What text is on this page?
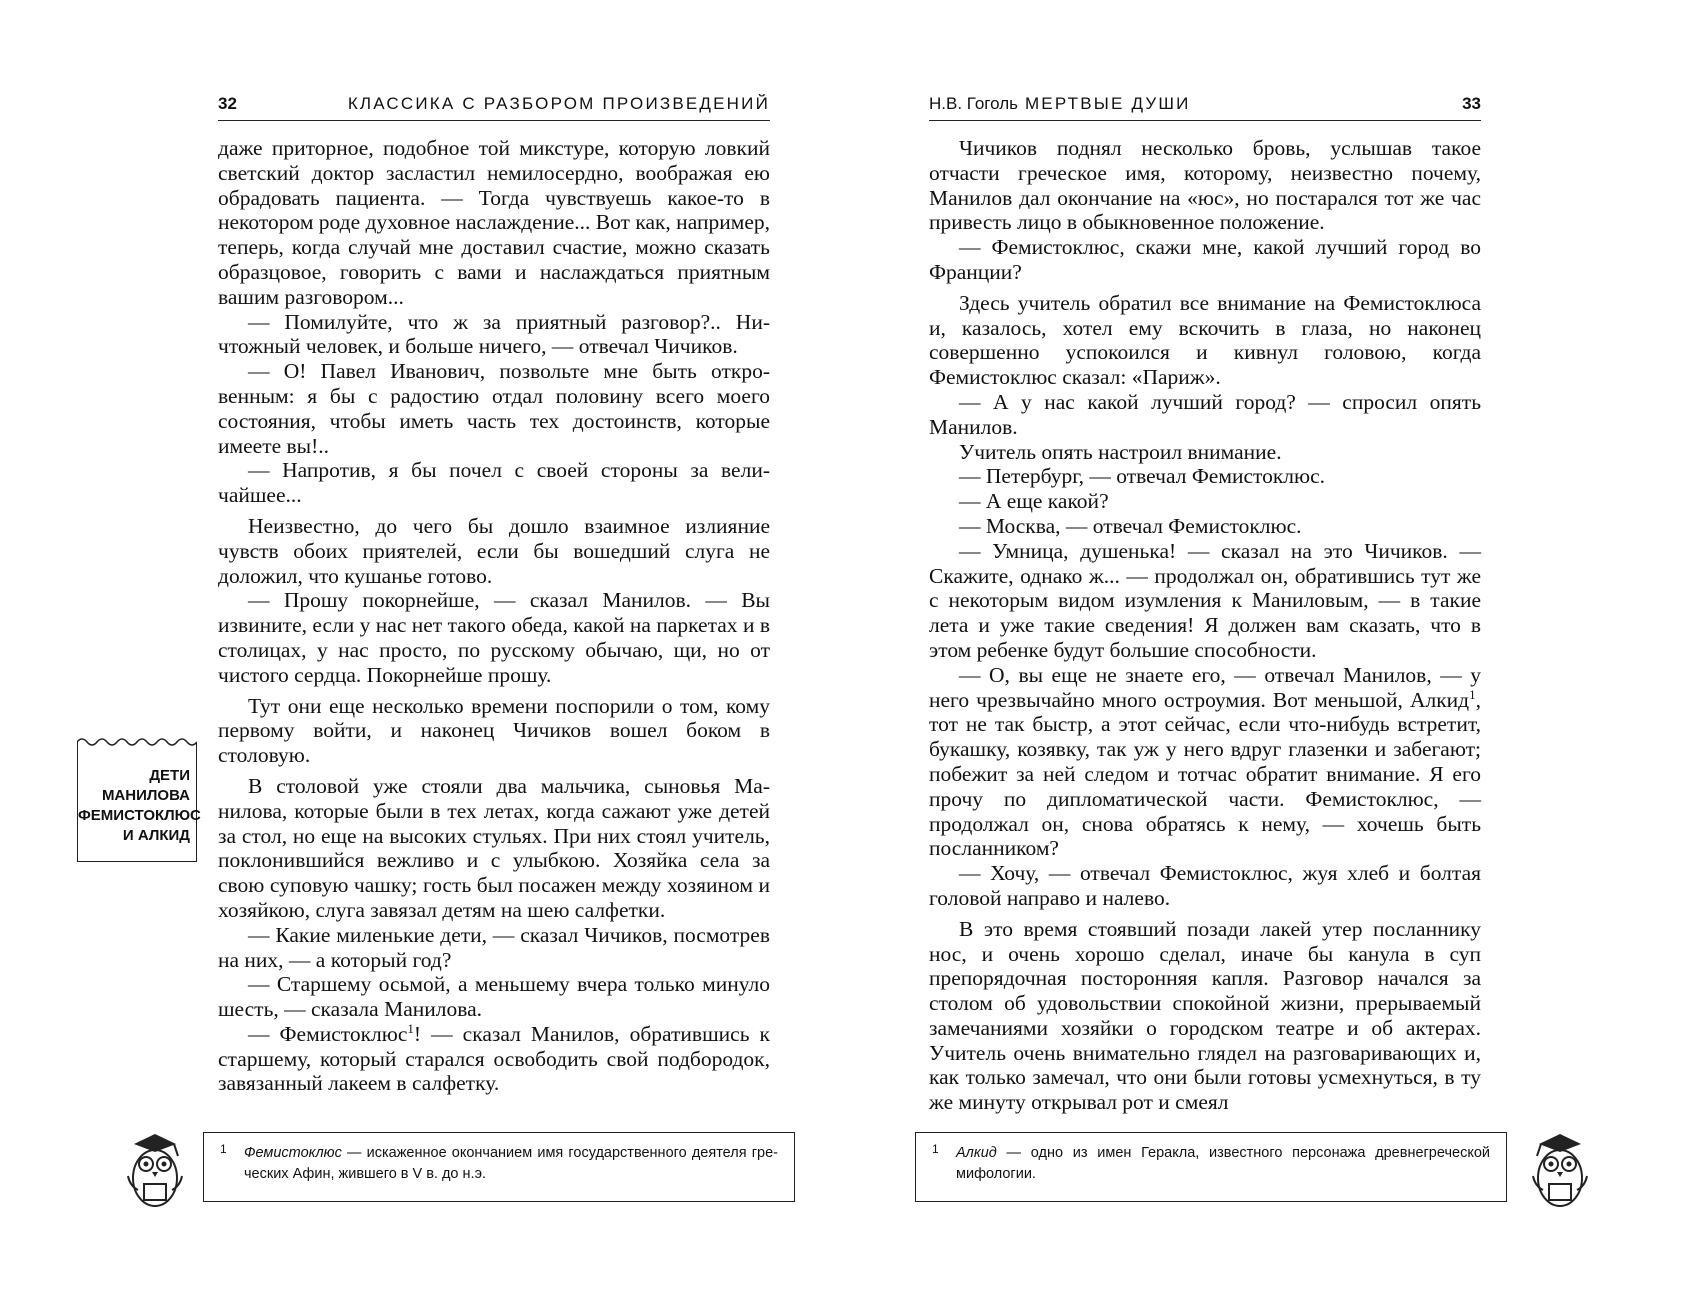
32	КЛАССИКА С РАЗБОРОМ ПРОИЗВЕДЕНИЙ

даже приторное, подобное той микстуре, которую ловкий светский доктор засластил немилосердно, воображая ею обрадовать пациента. — Тогда чувствуешь какое-то в некотором роде духовное наслаждение... Вот как, например, теперь, когда случай мне доставил счастие, можно сказать образцовое, говорить с вами и наслаждаться приятным вашим разговором...

— Помилуйте, что ж за приятный разговор?.. Ничтожный человек, и больше ничего, — отвечал Чичиков.

— О! Павел Иванович, позвольте мне быть откровенным: я бы с радостию отдал половину всего моего состояния, чтобы иметь часть тех достоинств, которые имеете вы!..

— Напротив, я бы почел с своей стороны за величайшее...

Неизвестно, до чего бы дошло взаимное излияние чувств обоих приятелей, если бы вошедший слуга не доложил, что кушанье готово.

— Прошу покорнейше, — сказал Манилов. — Вы извините, если у нас нет такого обеда, какой на паркетах и в столицах, у нас просто, по русскому обычаю, щи, но от чистого сердца. Покорнейше прошу.

Тут они еще несколько времени поспорили о том, кому первому войти, и наконец Чичиков вошел боком в столовую.

В столовой уже стояли два мальчика, сыновья Манилова, которые были в тех летах, когда сажают уже детей за стол, но еще на высоких стульях. При них стоял учитель, поклонившийся вежливо и с улыбкою. Хозяйка села за свою суповую чашку; гость был посажен между хозяином и хозяйкою, слуга завязал детям на шею салфетки.

— Какие миленькие дети, — сказал Чичиков, посмотрев на них, — а который год?

— Старшему осьмой, а меньшему вчера только минуло шесть, — сказала Манилова.

— Фемистоклюс$^1$! — сказал Манилов, обратившись к старшему, который старался освободить свой подбородок, завязанный лакеем в салфетку.

ДЕТИ
МАНИЛОВА
ФЕМИСТОКЛЮС
И АЛКИД
1 Фемистоклюс — искаженное окончанием имя государственного деятеля греческих Афин, жившего в V в. до н.э.
Н.В. Гоголь МЕРТВЫЕ ДУШИ	33

Чичиков поднял несколько бровь, услышав такое отчасти греческое имя, которому, неизвестно почему, Манилов дал окончание на «юс», но постарался тот же час привесть лицо в обыкновенное положение.

— Фемистоклюс, скажи мне, какой лучший город во Франции?

Здесь учитель обратил все внимание на Фемистоклюса и, казалось, хотел ему вскочить в глаза, но наконец совершенно успокоился и кивнул головою, когда Фемистоклюс сказал: «Париж».

— А у нас какой лучший город? — спросил опять Манилов.

Учитель опять настроил внимание.

— Петербург, — отвечал Фемистоклюс.

— А еще какой?

— Москва, — отвечал Фемистоклюс.

— Умница, душенька! — сказал на это Чичиков. — Скажите, однако ж... — продолжал он, обратившись тут же с некоторым видом изумления к Маниловым, — в такие лета и уже такие сведения! Я должен вам сказать, что в этом ребенке будут большие способности.

— О, вы еще не знаете его, — отвечал Манилов, — у него чрезвычайно много остроумия. Вот меньшой, Алкид$^1$, тот не так быстр, а этот сейчас, если что-нибудь встретит, букашку, козявку, так уж у него вдруг глазенки и забегают; побежит за ней следом и тотчас обратит внимание. Я его прочу по дипломатической части. Фемистоклюс, — продолжал он, снова обратясь к нему, — хочешь быть посланником?

— Хочу, — отвечал Фемистоклюс, жуя хлеб и болтая головой направо и налево.

В это время стоявший позади лакей утер посланнику нос, и очень хорошо сделал, иначе бы канула в суп препорядочная посторонняя капля. Разговор начался за столом об удовольствии спокойной жизни, прерываемый замечаниями хозяйки о городском театре и об актерах. Учитель очень внимательно глядел на разговаривающих и, как только замечал, что они были готовы усмехнуться, в ту же минуту открывал рот и смеял

1 Алкид — одно из имен Геракла, известного персонажа древнегреческой мифологии.
